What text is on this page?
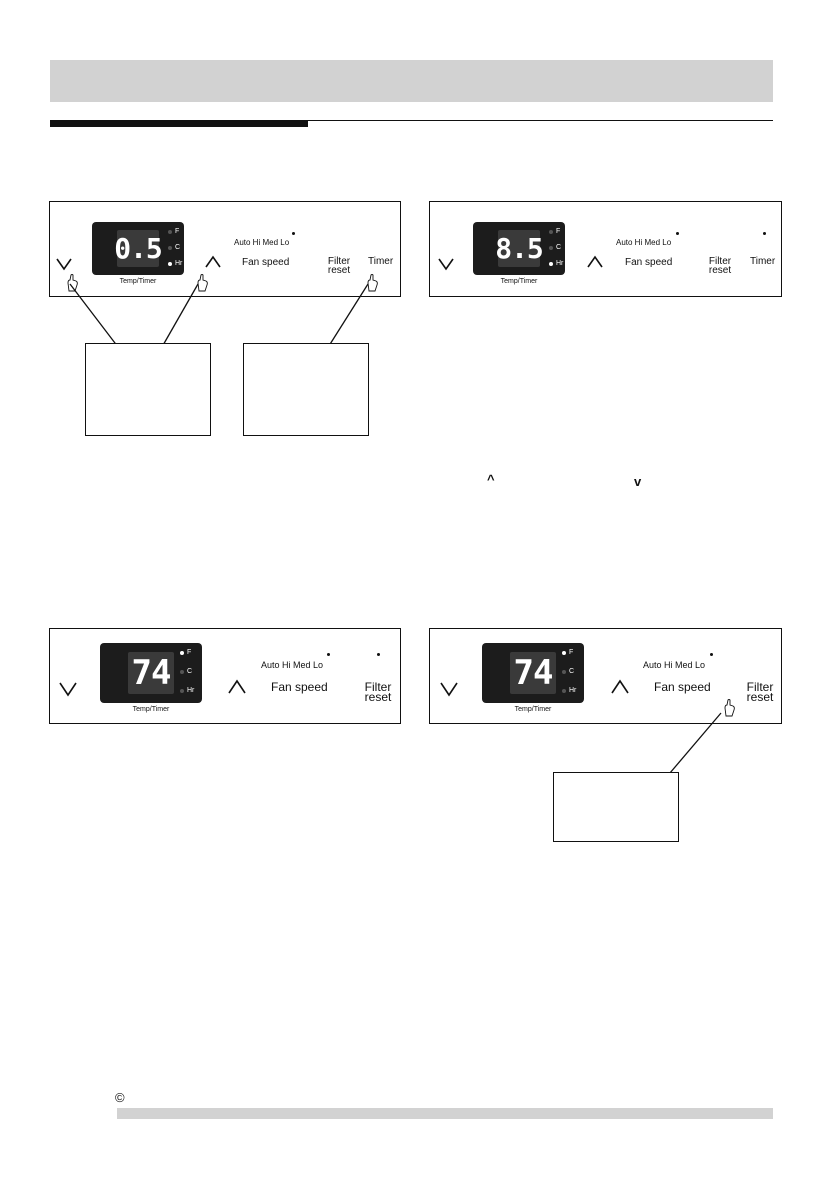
0.5
F
C
Hr
Temp/Timer
Auto Hi Med Lo
Fan speed	Filter
reset
Timer	8.5
F
C
Hr
Temp/Timer
Auto Hi Med Lo
Fan speed	Filter
reset
Timer
^	v
74
F
C
Hr
Temp/Timer
Auto Hi Med Lo
Fan speed	Filter
reset
74
F
C
Hr
Temp/Timer
Auto Hi Med Lo
Fan speed	Filter
reset
©
